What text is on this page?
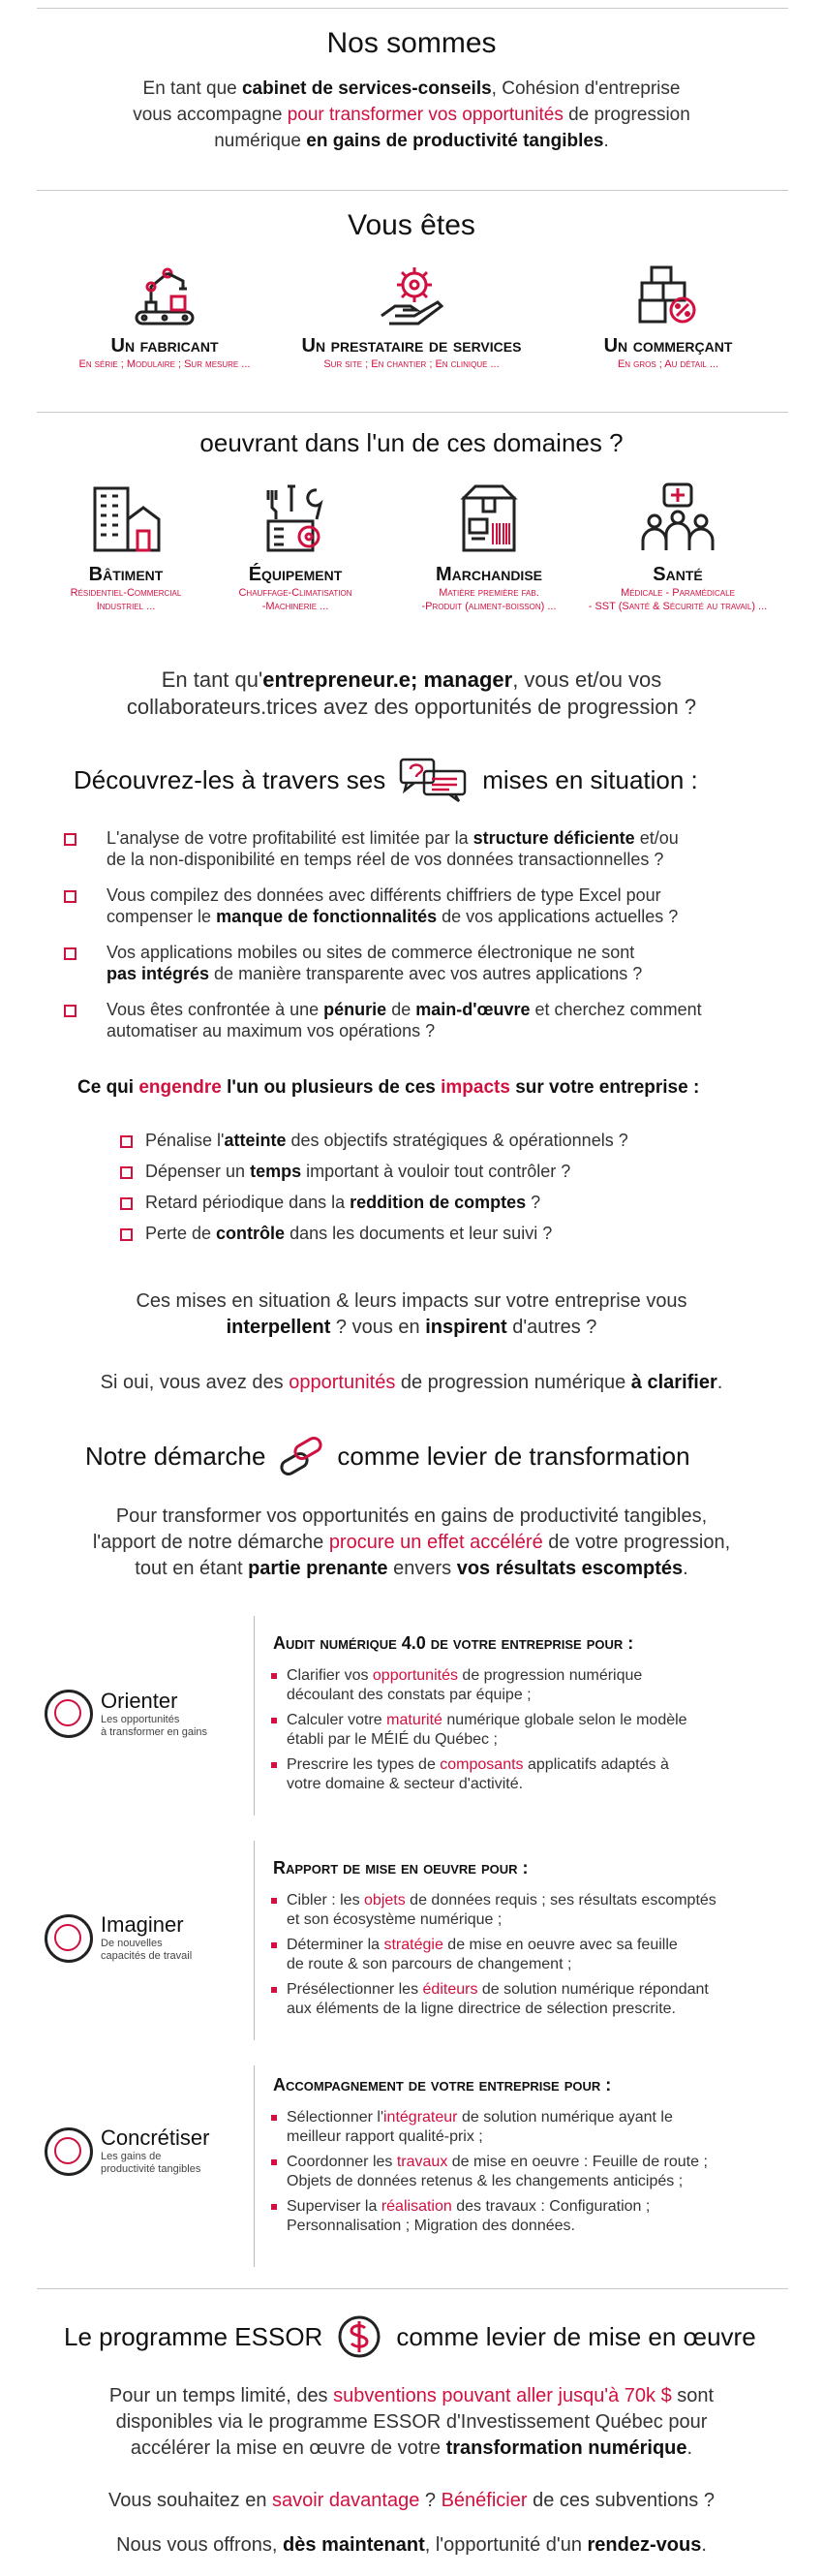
Nos sommes
En tant que cabinet de services-conseils, Cohésion d'entreprise
vous accompagne pour transformer vos opportunités de progression
numérique en gains de productivité tangibles.
Vous êtes
Un fabricant
En série ; Modulaire ; Sur mesure ...
Un prestataire de services
Sur site ; En chantier ; En clinique ...
Un commerçant
En gros ; Au détail ...
oeuvrant dans l'un de ces domaines ?
Bâtiment
Résidentiel-Commercial
Industriel ...
Équipement
Chauffage-Climatisation
-Machinerie ...
Marchandise
Matière première fab.
-Produit (aliment-boisson) ...
Santé
Médicale - Paramédicale
- SST (Santé & Sécurité au travail) ...
En tant qu'entrepreneur.e; manager, vous et/ou vos
collaborateurs.trices avez des opportunités de progression ?
Découvrez-les à travers ses	mises en situation :
L'analyse de votre profitabilité est limitée par la structure déficiente et/ou
de la non-disponibilité en temps réel de vos données transactionnelles ?
Vous compilez des données avec différents chiffriers de type Excel pour
compenser le manque de fonctionnalités de vos applications actuelles ?
Vos applications mobiles ou sites de commerce électronique ne sont
pas intégrés de manière transparente avec vos autres applications ?
Vous êtes confrontée à une pénurie de main-d'œuvre et cherchez comment
automatiser au maximum vos opérations ?
Ce qui engendre l'un ou plusieurs de ces impacts sur votre entreprise :
Pénalise l'atteinte des objectifs stratégiques & opérationnels ?
Dépenser un temps important à vouloir tout contrôler ?
Retard périodique dans la reddition de comptes ?
Perte de contrôle dans les documents et leur suivi ?
Ces mises en situation & leurs impacts sur votre entreprise vous
interpellent ? vous en inspirent d'autres ?
Si oui, vous avez des opportunités de progression numérique à clarifier.
Notre démarche	comme levier de transformation
Pour transformer vos opportunités en gains de productivité tangibles,
l'apport de notre démarche procure un effet accéléré de votre progression,
tout en étant partie prenante envers vos résultats escomptés.
Orienter
Les opportunités
à transformer en gains
Audit numérique 4.0 de votre entreprise pour :
Clarifier vos opportunités de progression numérique
découlant des constats par équipe ;
Calculer votre maturité numérique globale selon le modèle
établi par le MÉIÉ du Québec ;
Prescrire les types de composants applicatifs adaptés à
votre domaine & secteur d'activité.
Imaginer
De nouvelles
capacités de travail
Rapport de mise en oeuvre pour :
Cibler : les objets de données requis ; ses résultats escomptés
et son écosystème numérique ;
Déterminer la stratégie de mise en oeuvre avec sa feuille
de route & son parcours de changement ;
Présélectionner les éditeurs de solution numérique répondant
aux éléments de la ligne directrice de sélection prescrite.
Concrétiser
Les gains de
productivité tangibles
Accompagnement de votre entreprise pour :
Sélectionner l'intégrateur de solution numérique ayant le
meilleur rapport qualité-prix ;
Coordonner les travaux de mise en oeuvre : Feuille de route ;
Objets de données retenus & les changements anticipés ;
Superviser la réalisation des travaux : Configuration ;
Personnalisation ; Migration des données.
Le programme ESSOR	comme levier de mise en œuvre
Pour un temps limité, des subventions pouvant aller jusqu'à 70k $ sont
disponibles via le programme ESSOR d'Investissement Québec pour
accélérer la mise en œuvre de votre transformation numérique.
Vous souhaitez en savoir davantage ? Bénéficier de ces subventions ?
Nous vous offrons, dès maintenant, l'opportunité d'un rendez-vous.
